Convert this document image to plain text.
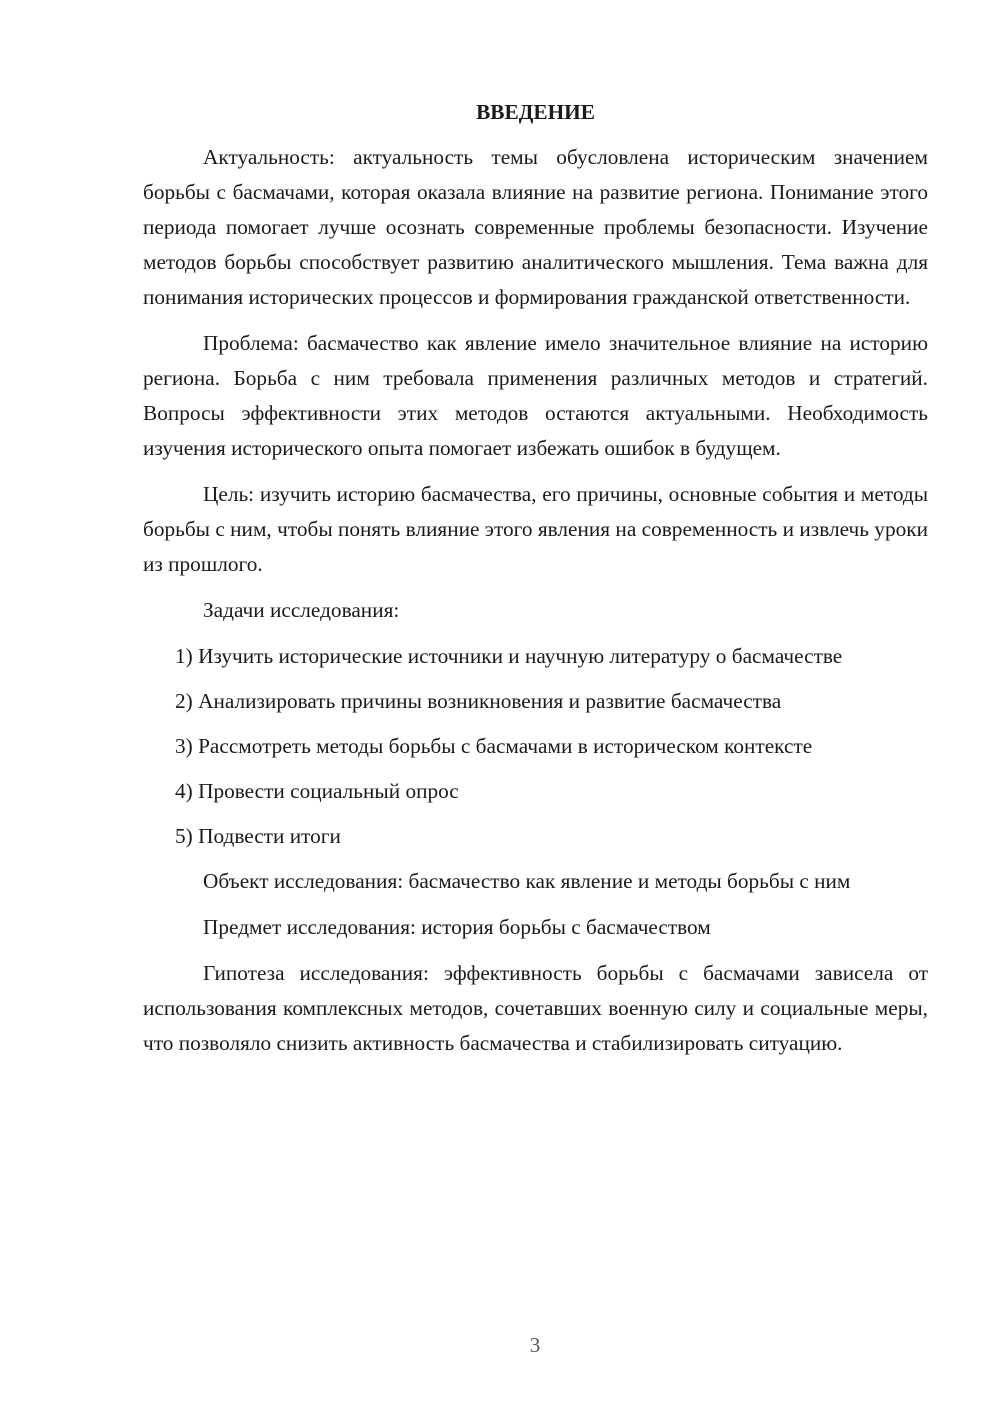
ВВЕДЕНИЕ

Актуальность: актуальность темы обусловлена историческим значением борьбы с басмачами, которая оказала влияние на развитие региона. Понимание этого периода помогает лучше осознать современные проблемы безопасности. Изучение методов борьбы способствует развитию аналитического мышления. Тема важна для понимания исторических процессов и формирования гражданской ответственности.

Проблема: басмачество как явление имело значительное влияние на историю региона. Борьба с ним требовала применения различных методов и стратегий. Вопросы эффективности этих методов остаются актуальными. Необходимость изучения исторического опыта помогает избежать ошибок в будущем.

Цель: изучить историю басмачества, его причины, основные события и методы борьбы с ним, чтобы понять влияние этого явления на современность и извлечь уроки из прошлого.

Задачи исследования:

1) Изучить исторические источники и научную литературу о басмачестве

2) Анализировать причины возникновения и развитие басмачества

3) Рассмотреть методы борьбы с басмачами в историческом контексте

4) Провести социальный опрос

5) Подвести итоги

Объект исследования: басмачество как явление и методы борьбы с ним

Предмет исследования: история борьбы с басмачеством

Гипотеза исследования: эффективность борьбы с басмачами зависела от использования комплексных методов, сочетавших военную силу и социальные меры, что позволяло снизить активность басмачества и стабилизировать ситуацию.

3
